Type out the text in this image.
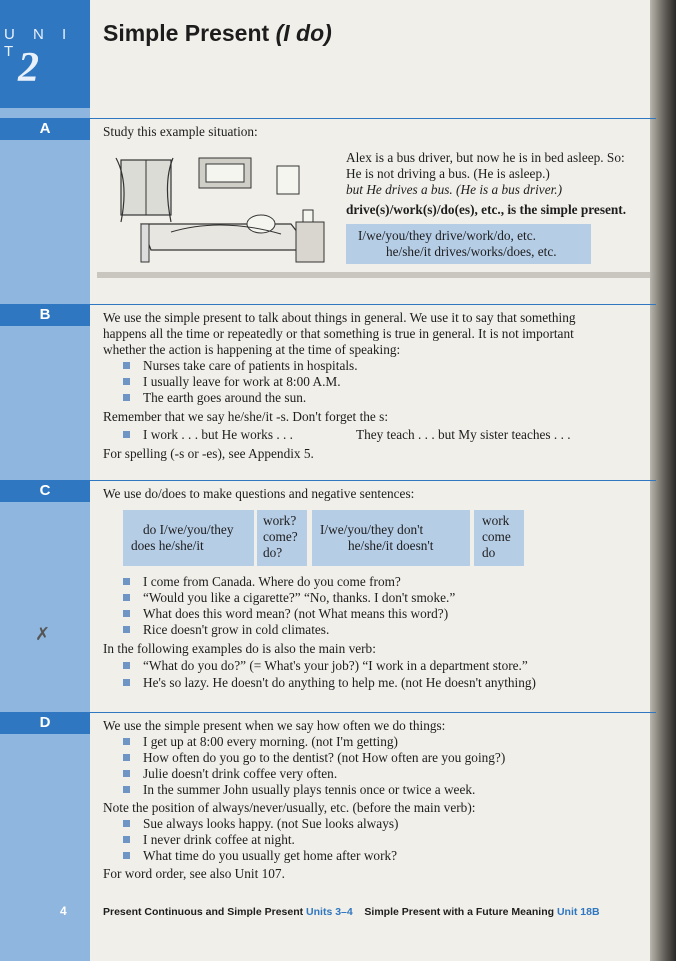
U N I T
2
Simple Present (I do)
A
B
C
D
Study this example situation:
Alex is a bus driver, but now he is in bed asleep. So:
He is not driving a bus. (He is asleep.)
but He drives a bus. (He is a bus driver.)
drive(s)/work(s)/do(es), etc., is the simple present.
I/we/you/they drive/work/do, etc.
he/she/it drives/works/does, etc.
We use the simple present to talk about things in general. We use it to say that something
happens all the time or repeatedly or that something is true in general. It is not important
whether the action is happening at the time of speaking:
Nurses take care of patients in hospitals.
I usually leave for work at 8:00 A.M.
The earth goes around the sun.
Remember that we say he/she/it -s. Don't forget the s:
I work . . . but He works . . .	They teach . . . but My sister teaches . . .
For spelling (-s or -es), see Appendix 5.
We use do/does to make questions and negative sentences:
do I/we/you/they
does he/she/it
work?
come?
do?
I/we/you/they don't
he/she/it doesn't
work
come
do
I come from Canada. Where do you come from?
“Would you like a cigarette?” “No, thanks. I don't smoke.”
What does this word mean? (not What means this word?)
Rice doesn't grow in cold climates.
✗
In the following examples do is also the main verb:
“What do you do?” (= What's your job?) “I work in a department store.”
He's so lazy. He doesn't do anything to help me. (not He doesn't anything)
We use the simple present when we say how often we do things:
I get up at 8:00 every morning. (not I'm getting)
How often do you go to the dentist? (not How often are you going?)
Julie doesn't drink coffee very often.
In the summer John usually plays tennis once or twice a week.
Note the position of always/never/usually, etc. (before the main verb):
Sue always looks happy. (not Sue looks always)
I never drink coffee at night.
What time do you usually get home after work?
For word order, see also Unit 107.
4	Present Continuous and Simple Present Units 3–4 Simple Present with a Future Meaning Unit 18B
